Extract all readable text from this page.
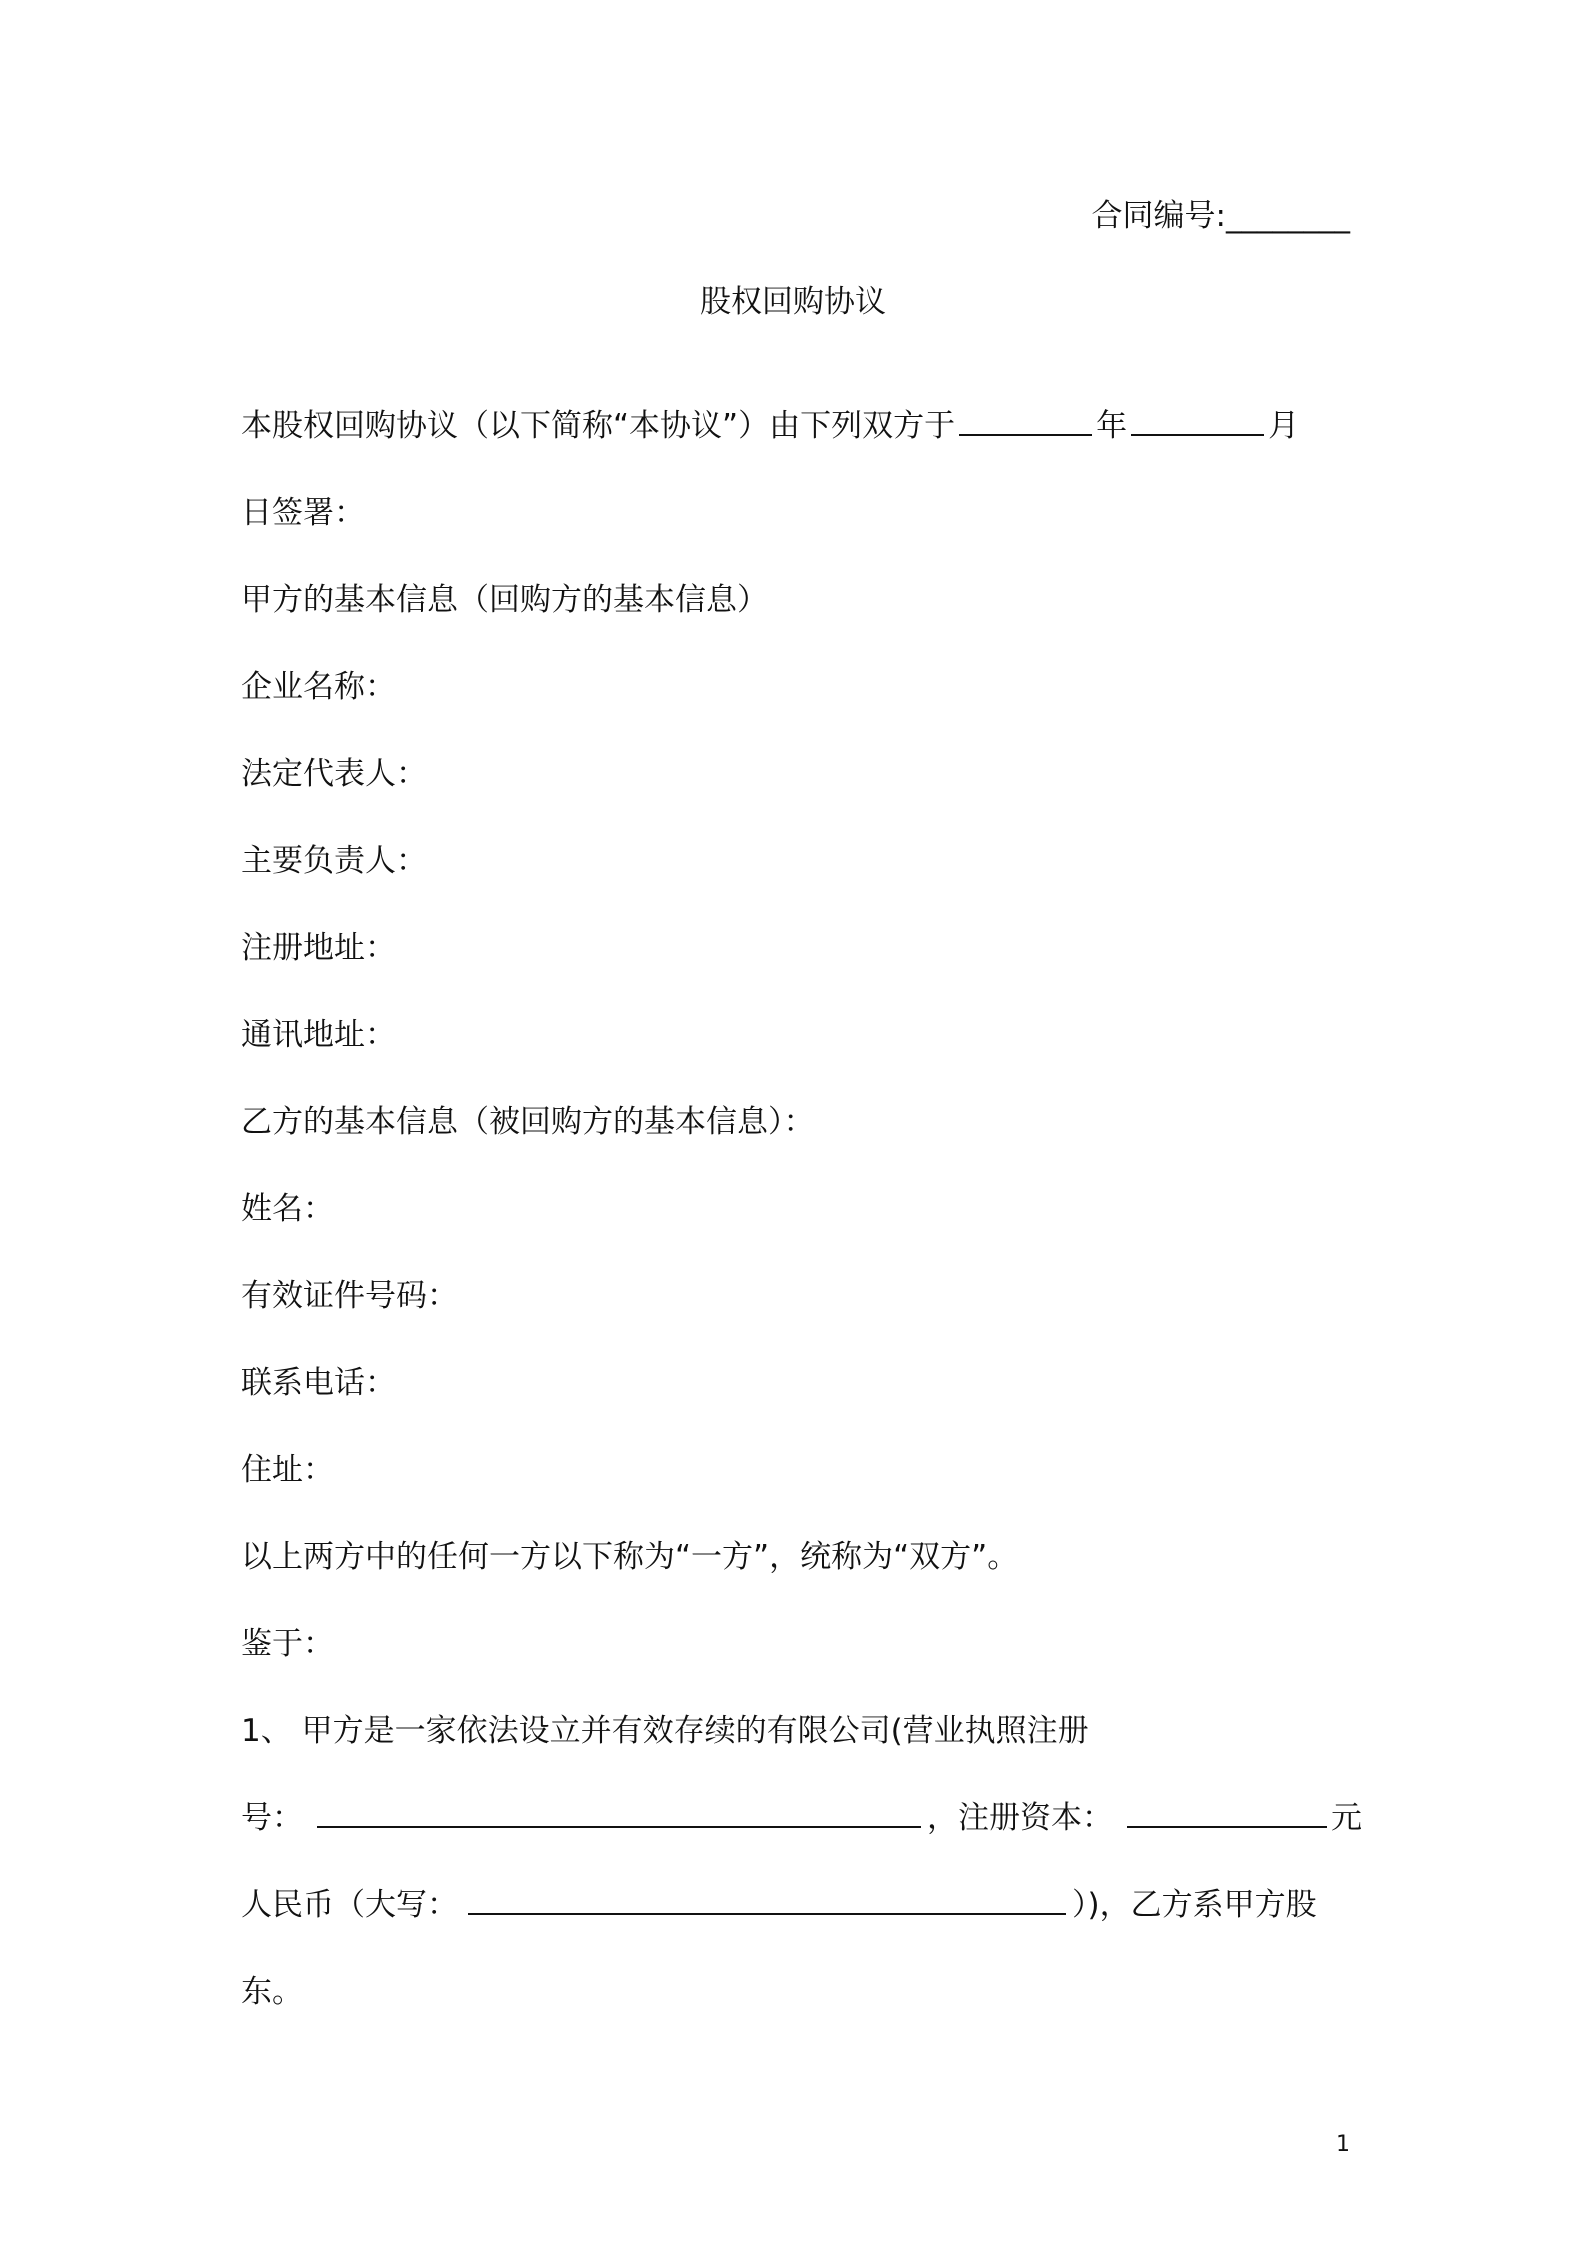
合同编号:________
股权回购协议
本股权回购协议（以下简称“本协议”）由下列双方于	年	月
日签署：
甲方的基本信息（回购方的基本信息）
企业名称：
法定代表人：
主要负责人：
注册地址：
通讯地址：
乙方的基本信息（被回购方的基本信息）：
姓名：
有效证件号码：
联系电话：
住址：
以上两方中的任何一方以下称为“一方”，统称为“双方”。
鉴于：
1、 甲方是一家依法设立并有效存续的有限公司(营业执照注册
号：	，注册资本：	元
人民币（大写：	）)，乙方系甲方股
东。
1
